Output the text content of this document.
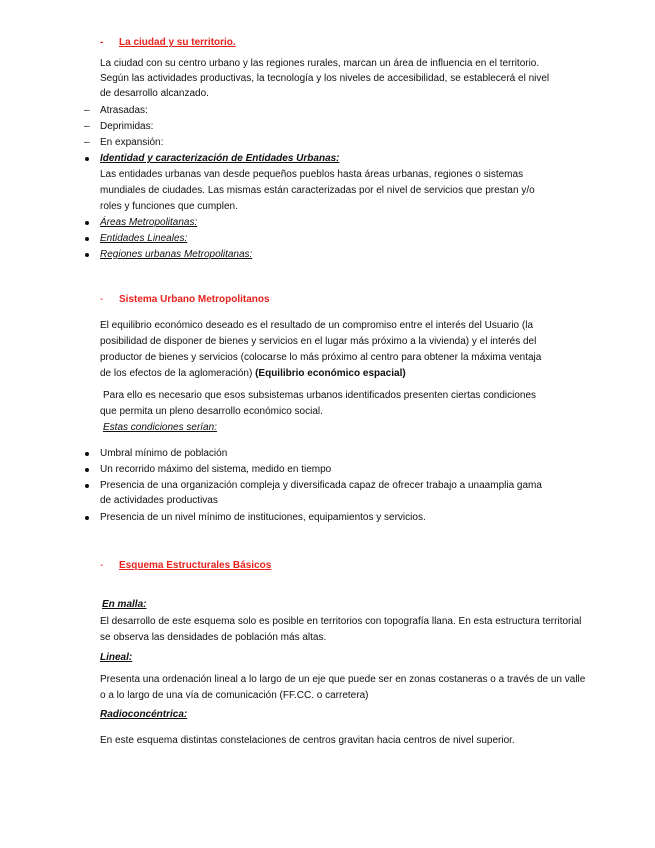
- La ciudad y su territorio.
La ciudad con su centro urbano y las regiones rurales, marcan un área de influencia en el territorio.
Según las actividades productivas, la tecnología y los niveles de accesibilidad, se establecerá el nivel
de desarrollo alcanzado.
– Atrasadas:
– Deprimidas:
– En expansión:
Identidad y caracterización de Entidades Urbanas:
Las entidades urbanas van desde pequeños pueblos hasta áreas urbanas, regiones o sistemas
mundiales de ciudades. Las mismas están caracterizadas por el nivel de servicios que prestan y/o
roles y funciones que cumplen.
Áreas Metropolitanas:
Entidades Lineales:
Regiones urbanas Metropolitanas:
- Sistema Urbano Metropolitanos
El equilibrio económico deseado es el resultado de un compromiso entre el interés del Usuario (la
posibilidad de disponer de bienes y servicios en el lugar más próximo a la vivienda) y el interés del
productor de bienes y servicios (colocarse lo más próximo al centro para obtener la máxima ventaja
de los efectos de la aglomeración) (Equilibrio económico espacial)
Para ello es necesario que esos subsistemas urbanos identificados presenten ciertas condiciones
que permita un pleno desarrollo económico social.
Estas condiciones serían:
Umbral mínimo de población
Un recorrido máximo del sistema, medido en tiempo
Presencia de una organización compleja y diversificada capaz de ofrecer trabajo a unaamplia gama
de actividades productivas
Presencia de un nivel mínimo de instituciones, equipamientos y servicios.
- Esquema Estructurales Básicos
En malla:
El desarrollo de este esquema solo es posible en territorios con topografía llana. En esta estructura territorial
se observa las densidades de población más altas.
Lineal:
Presenta una ordenación lineal a lo largo de un eje que puede ser en zonas costaneras o a través de un valle
o a lo largo de una vía de comunicación (FF.CC. o carretera)
Radioconcéntrica:
En este esquema distintas constelaciones de centros gravitan hacia centros de nivel superior.
